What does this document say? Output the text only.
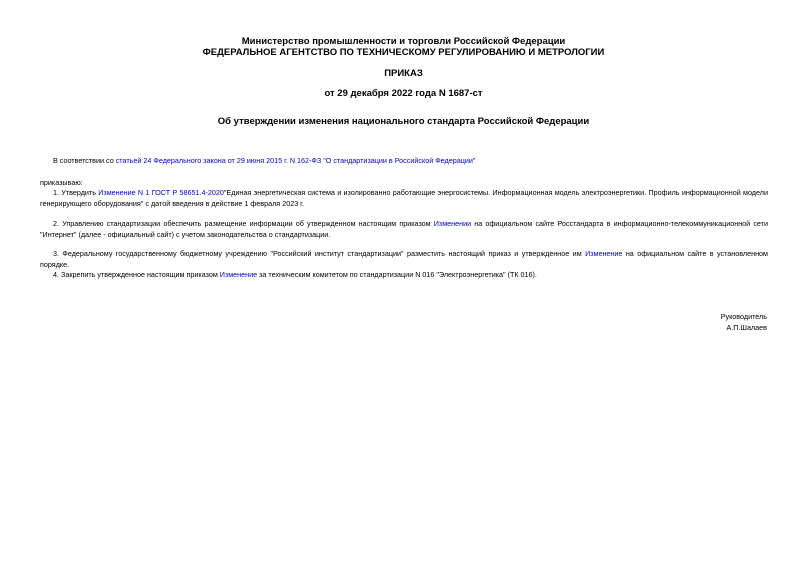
Министерство промышленности и торговли Российской Федерации
ФЕДЕРАЛЬНОЕ АГЕНТСТВО ПО ТЕХНИЧЕСКОМУ РЕГУЛИРОВАНИЮ И МЕТРОЛОГИИ
ПРИКАЗ
от 29 декабря 2022 года N 1687-ст
Об утверждении изменения национального стандарта Российской Федерации
В соответствии со статьей 24 Федерального закона от 29 июня 2015 г. N 162-ФЗ "О стандартизации в Российской Федерации"
приказываю:
1. Утвердить Изменение N 1 ГОСТ Р 58651.4-2020"Единая энергетическая система и изолированно работающие энергосистемы. Информационная модель электроэнергетики. Профиль информационной модели генерирующего оборудования" с датой введения в действие 1 февраля 2023 г.
2. Управлению стандартизации обеспечить размещение информации об утвержденном настоящим приказом Изменении на официальном сайте Росстандарта в информационно-телекоммуникационной сети "Интернет" (далее - официальный сайт) с учетом законодательства о стандартизации.
3. Федеральному государственному бюджетному учреждению "Российский институт стандартизации" разместить настоящий приказ и утвержденное им Изменение на официальном сайте в установленном порядке.
4. Закрепить утвержденное настоящим приказом Изменение за техническим комитетом по стандартизации N 016 "Электроэнергетика" (ТК 016).
Руководитель
А.П.Шалаев
